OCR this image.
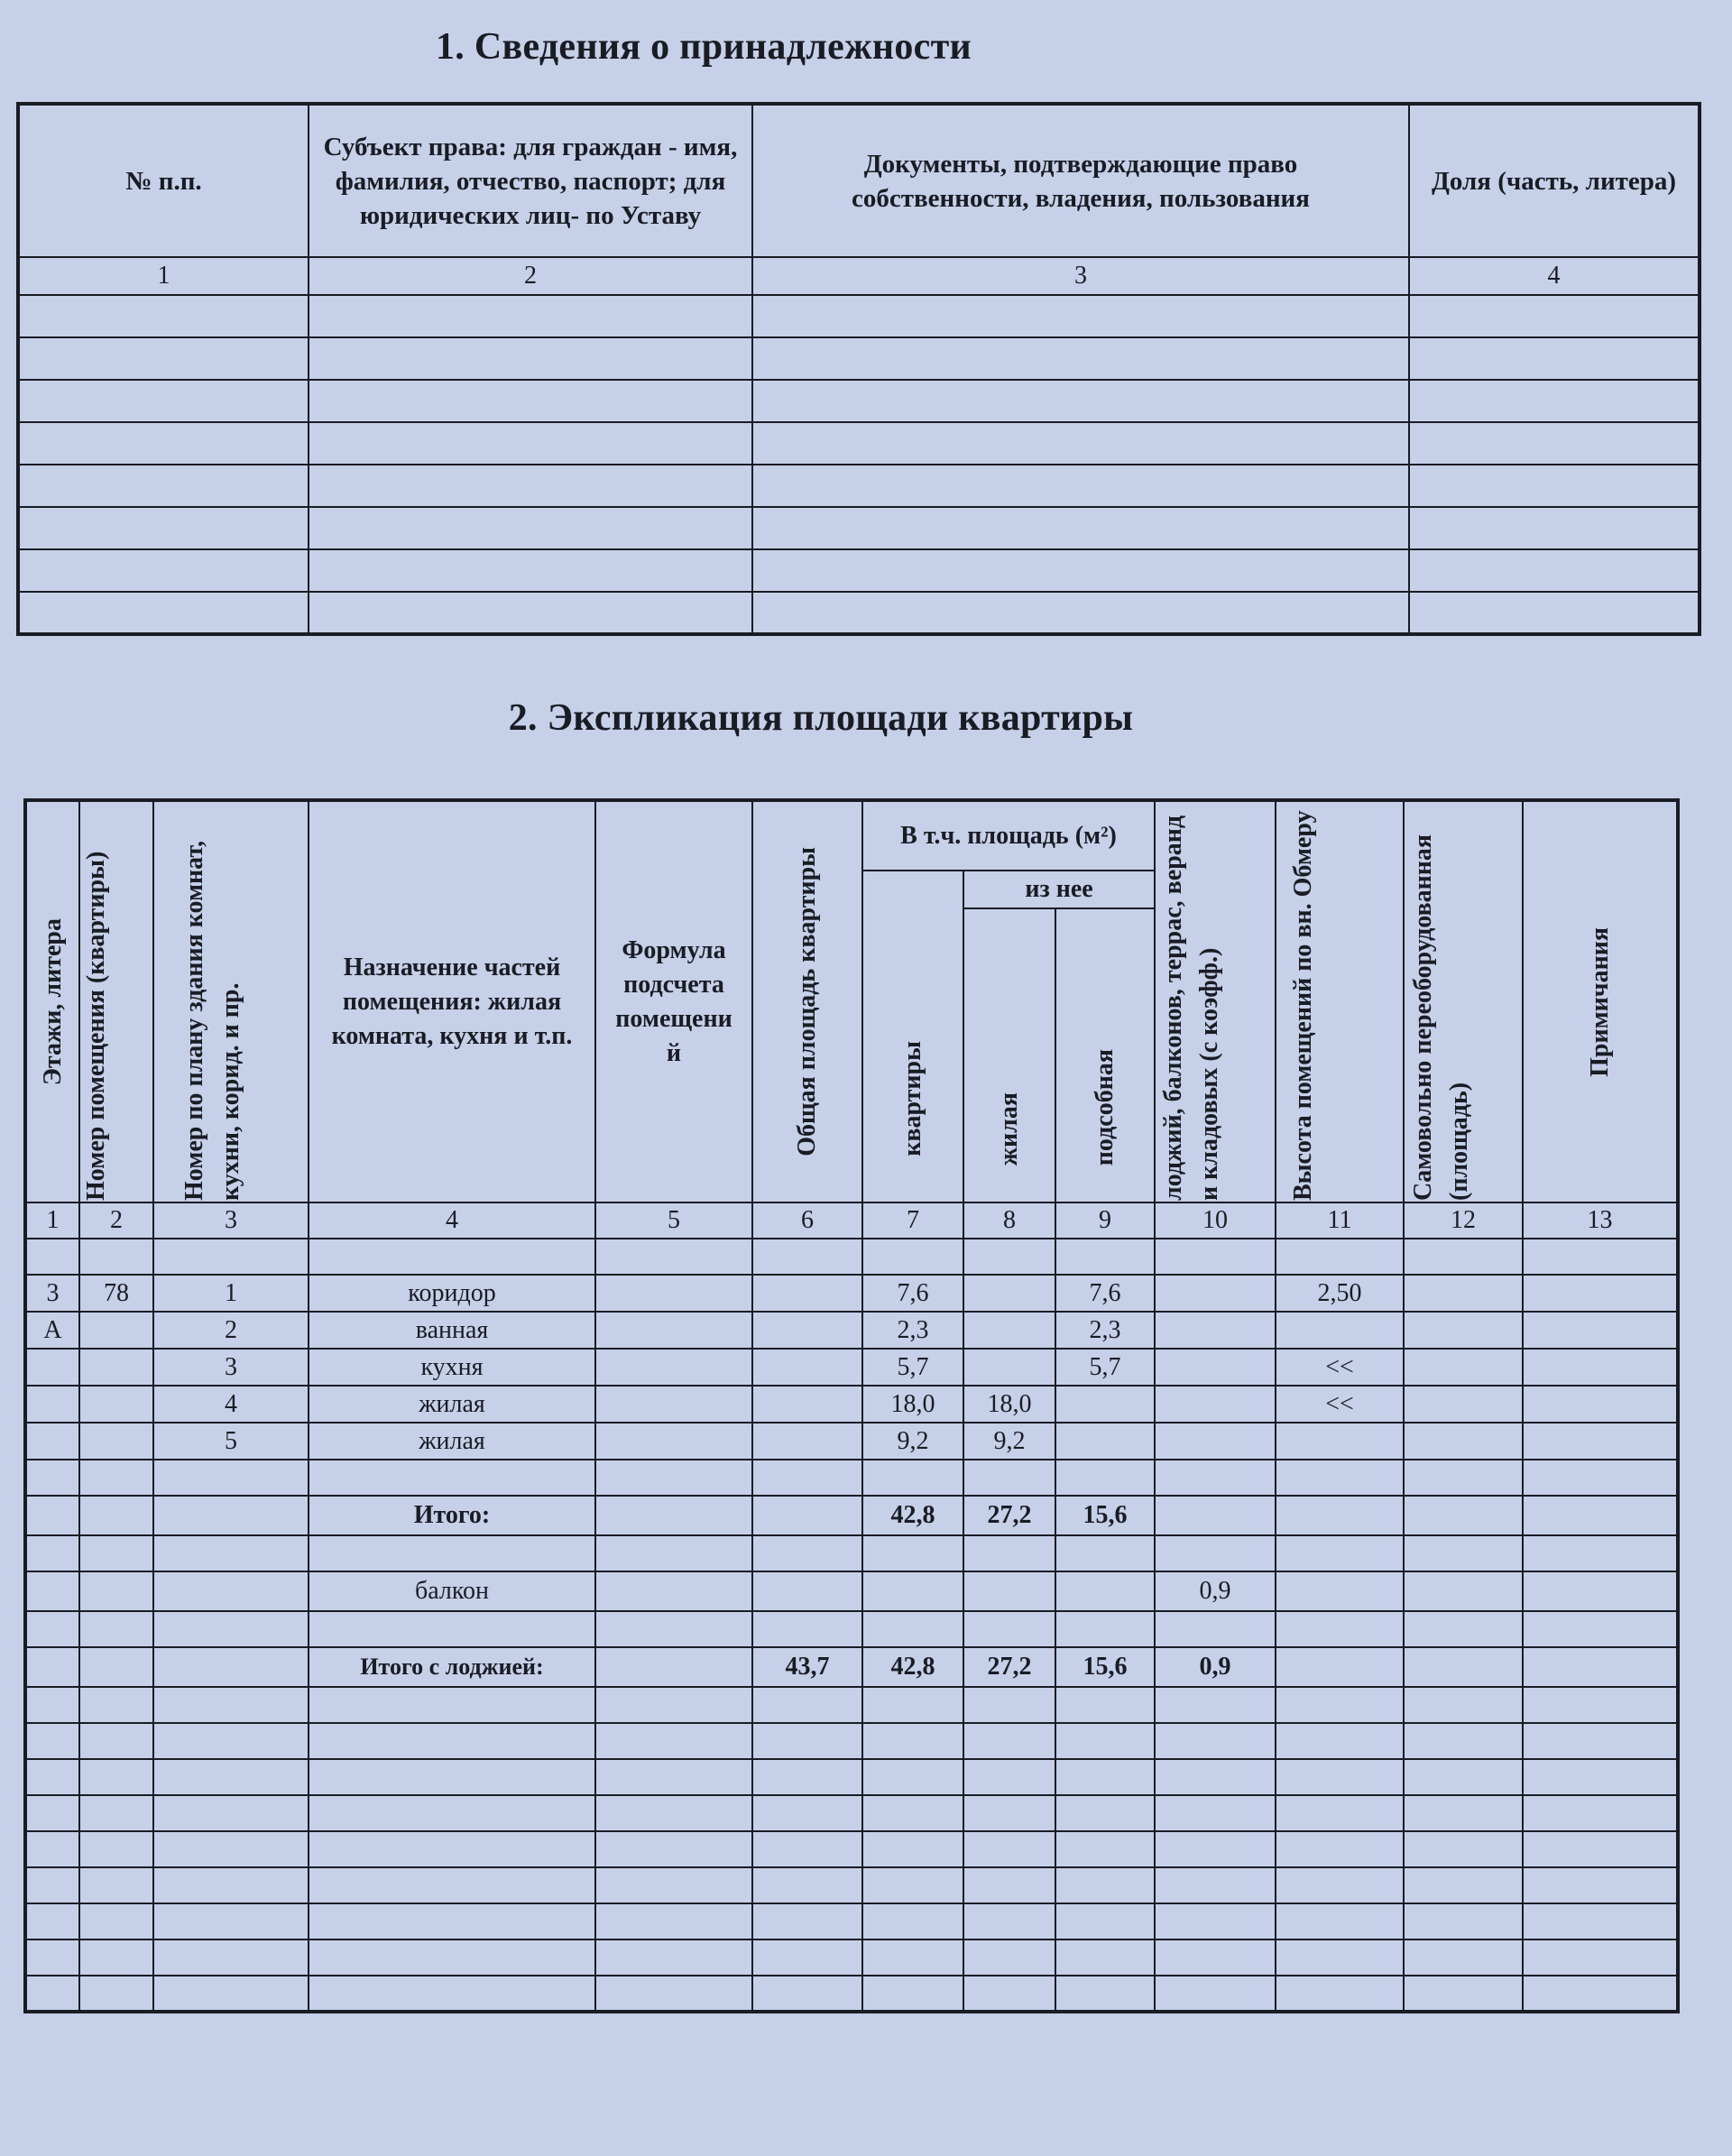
1. Сведения о принадлежности
№ п.п.	Субъект права: для граждан - имя, фамилия, отчество, паспорт; для юридических лиц- по Уставу	Документы, подтверждающие право собственности, владения, пользования	Доля (часть, литера)
1	2	3	4

2. Экспликация площади квартиры
Этажи, литера	Номер помещения (квартиры)	Номер по плану здания комнат, кухни, корид. и пр.	Назначение частей помещения: жилая комната, кухня и т.п.	Формула подсчета помещени й	Общая площадь квартиры	В т.ч. площадь (м²)			лоджий, балконов, террас, веранд и кладовых (с коэфф.)	Высота помещений по вн. Обмеру	Самовольно переоборудованная (площадь)	Примичания

						квартиры	из нее					

							жилая	подсобная				

1	2	3	4	5	6	7	8	9	10	11	12	13

3	78	1	коридор			7,6		7,6		2,50		
А		2	ванная			2,3		2,3				
		3	кухня			5,7		5,7		<<		
		4	жилая			18,0	18,0			<<		
		5	жилая			9,2	9,2					

			Итого:			42,8	27,2	15,6				

			балкон						0,9			

			Итого с лоджией:		43,7	42,8	27,2	15,6	0,9			
